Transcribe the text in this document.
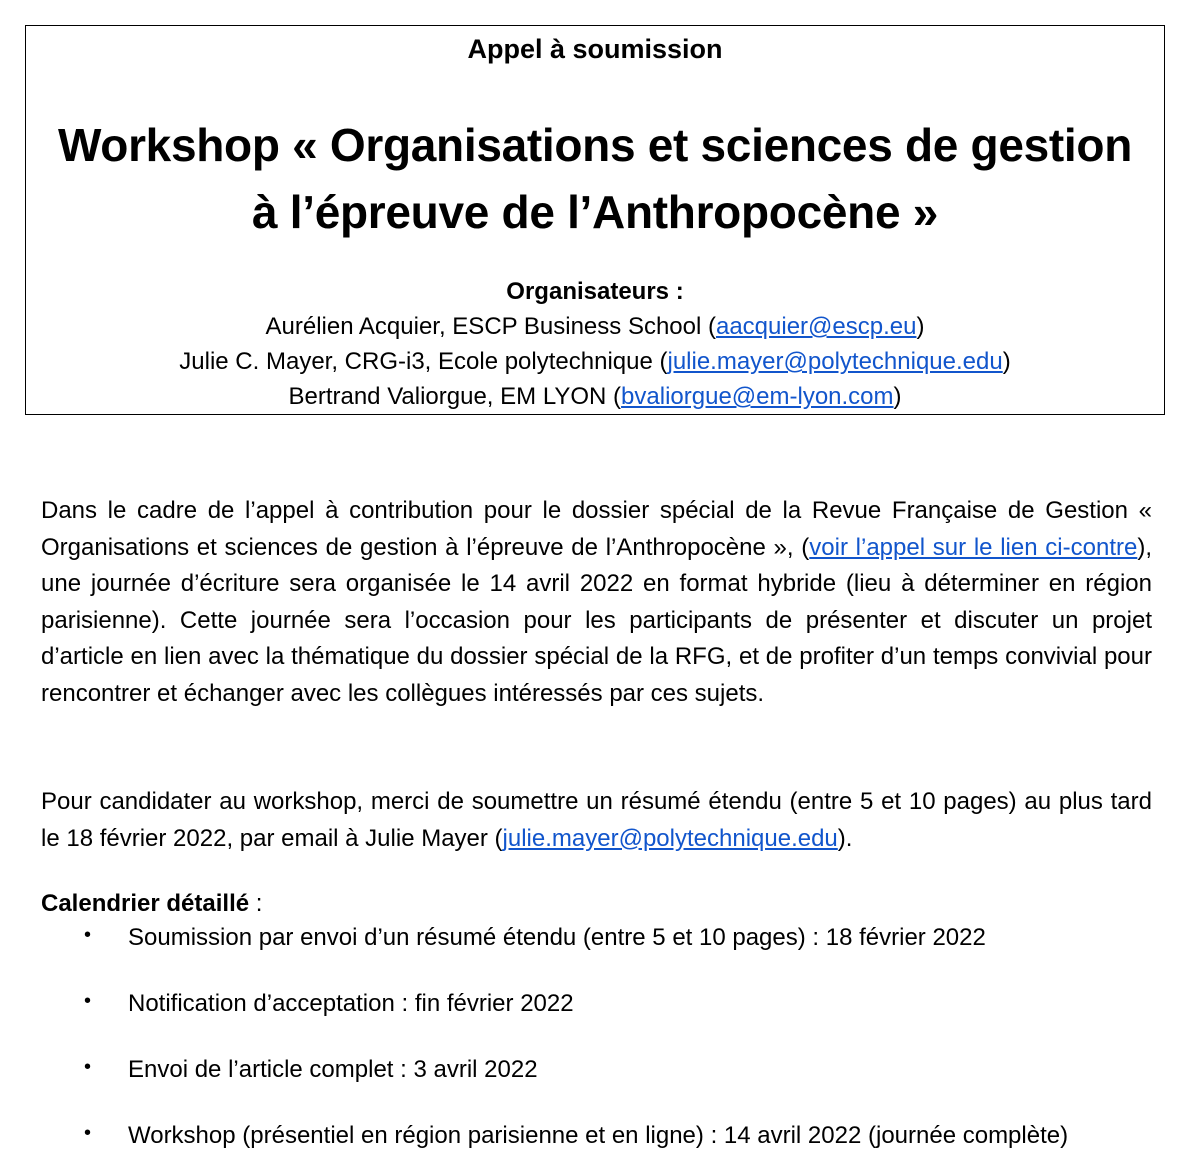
Appel à soumission
Workshop « Organisations et sciences de gestion
à l’épreuve de l’Anthropocène »
Organisateurs :
Aurélien Acquier, ESCP Business School (aacquier@escp.eu)
Julie C. Mayer, CRG-i3, Ecole polytechnique (julie.mayer@polytechnique.edu)
Bertrand Valiorgue, EM LYON (bvaliorgue@em-lyon.com)

Dans le cadre de l’appel à contribution pour le dossier spécial de la Revue Française de Gestion « Organisations et sciences de gestion à l’épreuve de l’Anthropocène », (voir l’appel sur le lien ci-contre), une journée d’écriture sera organisée le 14 avril 2022 en format hybride (lieu à déterminer en région parisienne). Cette journée sera l’occasion pour les participants de présenter et discuter un projet d’article en lien avec la thématique du dossier spécial de la RFG, et de profiter d’un temps convivial pour rencontrer et échanger avec les collègues intéressés par ces sujets.

Pour candidater au workshop, merci de soumettre un résumé étendu (entre 5 et 10 pages) au plus tard le 18 février 2022, par email à Julie Mayer (julie.mayer@polytechnique.edu).

Calendrier détaillé :
• Soumission par envoi d’un résumé étendu (entre 5 et 10 pages) : 18 février 2022
• Notification d’acceptation : fin février 2022
• Envoi de l’article complet : 3 avril 2022
• Workshop (présentiel en région parisienne et en ligne) : 14 avril 2022 (journée complète)
